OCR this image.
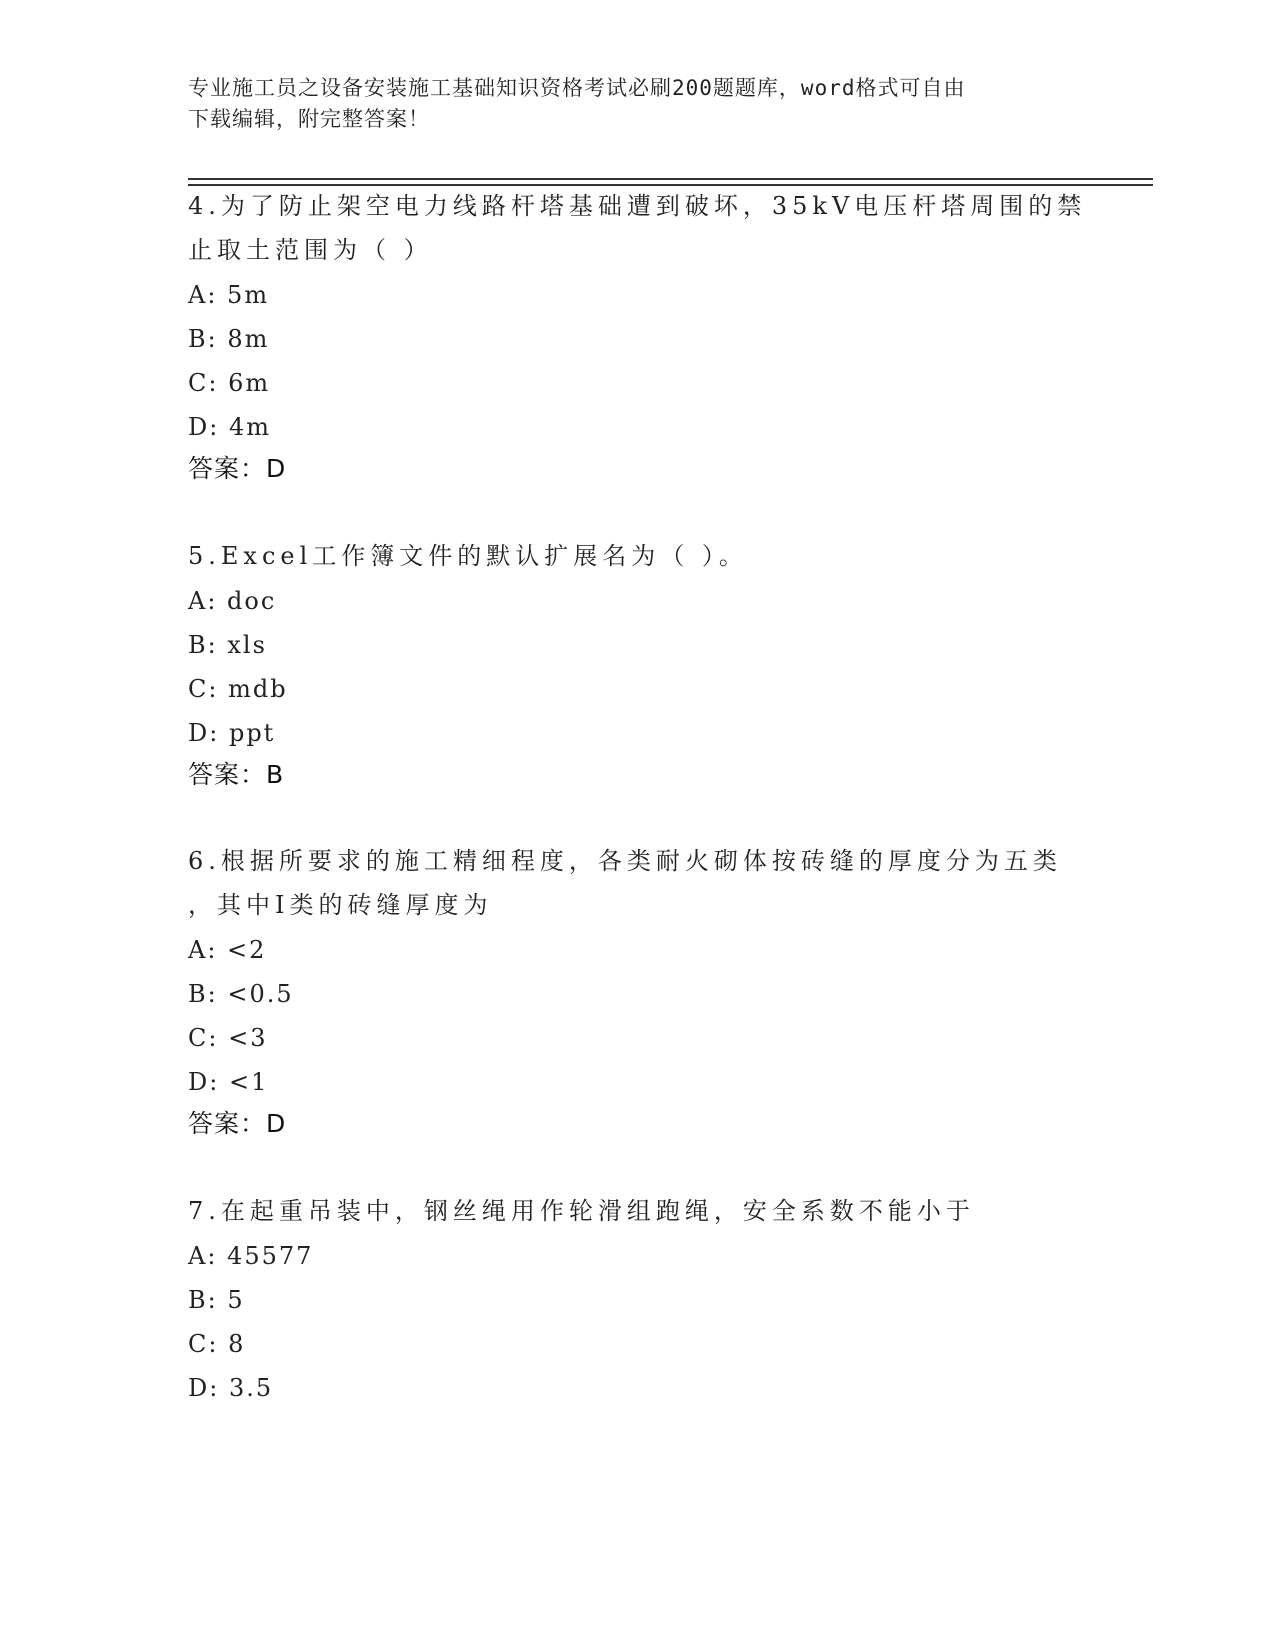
专业施工员之设备安装施工基础知识资格考试必刷200题题库，word格式可自由
下载编辑，附完整答案！
4.为了防止架空电力线路杆塔基础遭到破坏，35kV电压杆塔周围的禁
止取土范围为（ ）
A: 5m
B: 8m
C: 6m
D: 4m
答案：D
5.Excel工作簿文件的默认扩展名为（ ）。
A: doc
B: xls
C: mdb
D: ppt
答案：B
6.根据所要求的施工精细程度，各类耐火砌体按砖缝的厚度分为五类
，其中I类的砖缝厚度为
A: <2
B: <0.5
C: <3
D: <1
答案：D
7.在起重吊装中，钢丝绳用作轮滑组跑绳，安全系数不能小于
A: 45577
B: 5
C: 8
D: 3.5
